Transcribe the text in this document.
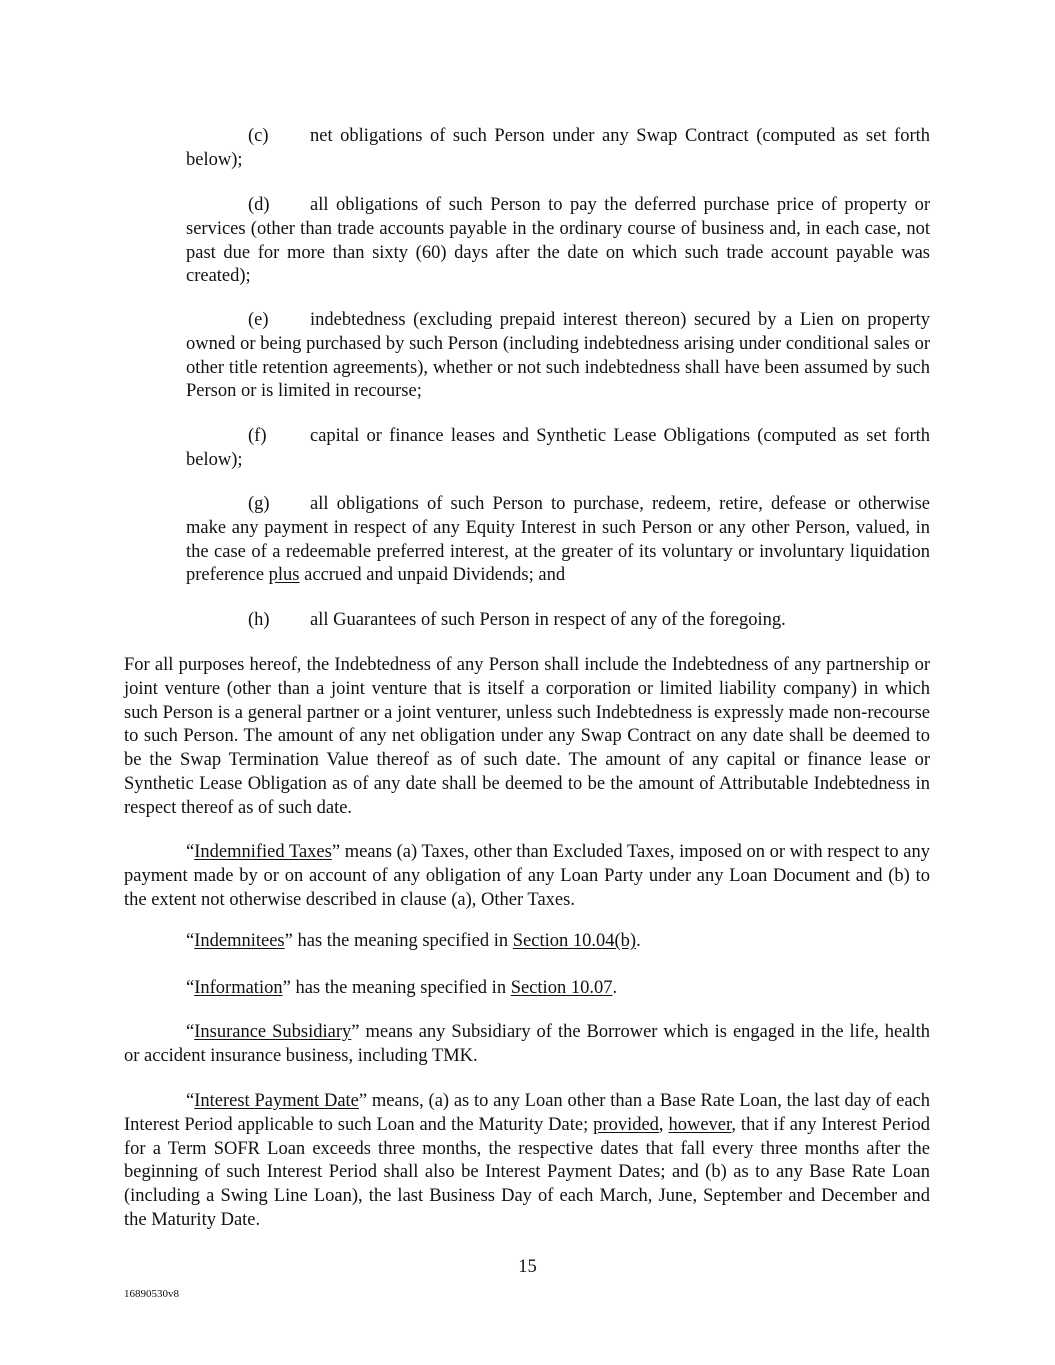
(c) net obligations of such Person under any Swap Contract (computed as set forth below);

(d) all obligations of such Person to pay the deferred purchase price of property or services (other than trade accounts payable in the ordinary course of business and, in each case, not past due for more than sixty (60) days after the date on which such trade account payable was created);

(e) indebtedness (excluding prepaid interest thereon) secured by a Lien on property owned or being purchased by such Person (including indebtedness arising under conditional sales or other title retention agreements), whether or not such indebtedness shall have been assumed by such Person or is limited in recourse;

(f) capital or finance leases and Synthetic Lease Obligations (computed as set forth below);

(g) all obligations of such Person to purchase, redeem, retire, defease or otherwise make any payment in respect of any Equity Interest in such Person or any other Person, valued, in the case of a redeemable preferred interest, at the greater of its voluntary or involuntary liquidation preference plus accrued and unpaid Dividends; and

(h) all Guarantees of such Person in respect of any of the foregoing.

For all purposes hereof, the Indebtedness of any Person shall include the Indebtedness of any partnership or joint venture (other than a joint venture that is itself a corporation or limited liability company) in which such Person is a general partner or a joint venturer, unless such Indebtedness is expressly made non-recourse to such Person. The amount of any net obligation under any Swap Contract on any date shall be deemed to be the Swap Termination Value thereof as of such date. The amount of any capital or finance lease or Synthetic Lease Obligation as of any date shall be deemed to be the amount of Attributable Indebtedness in respect thereof as of such date.

“Indemnified Taxes” means (a) Taxes, other than Excluded Taxes, imposed on or with respect to any payment made by or on account of any obligation of any Loan Party under any Loan Document and (b) to the extent not otherwise described in clause (a), Other Taxes.

“Indemnitees” has the meaning specified in Section 10.04(b).

“Information” has the meaning specified in Section 10.07.

“Insurance Subsidiary” means any Subsidiary of the Borrower which is engaged in the life, health or accident insurance business, including TMK.

“Interest Payment Date” means, (a) as to any Loan other than a Base Rate Loan, the last day of each Interest Period applicable to such Loan and the Maturity Date; provided, however, that if any Interest Period for a Term SOFR Loan exceeds three months, the respective dates that fall every three months after the beginning of such Interest Period shall also be Interest Payment Dates; and (b) as to any Base Rate Loan (including a Swing Line Loan), the last Business Day of each March, June, September and December and the Maturity Date.

15
16890530v8
